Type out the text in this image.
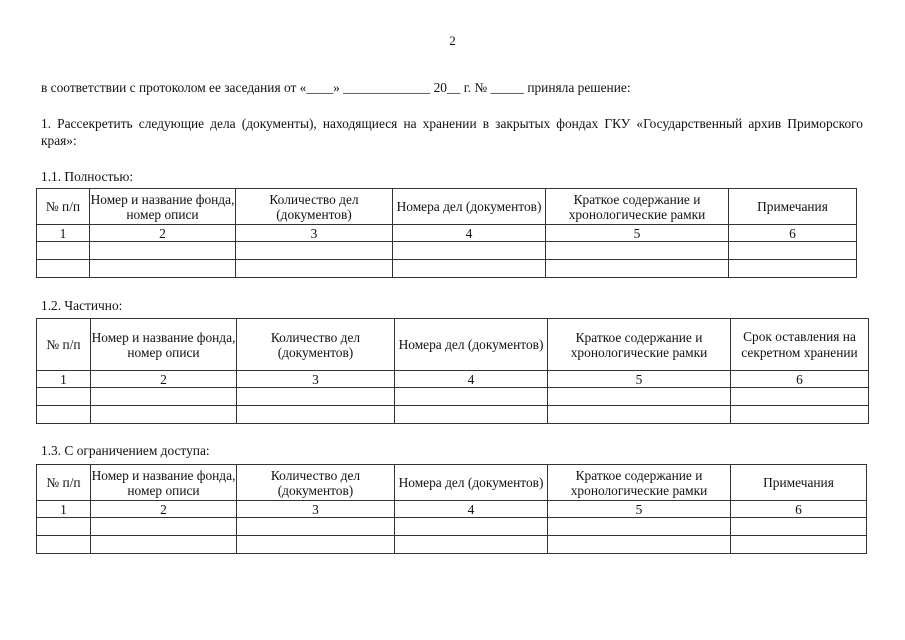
2
в соответствии с протоколом ее заседания от «____» _____________ 20__ г. № _____ приняла решение:
1. Рассекретить следующие дела (документы), находящиеся на хранении в закрытых фондах ГКУ «Государственный архив Приморского края»:
1.1. Полностью:
№ п/п	Номер и название фонда, номер описи	Количество дел (документов)	Номера дел (документов)	Краткое содержание и хронологические рамки	Примечания
1	2	3	4	5	6

1.2. Частично:
№ п/п	Номер и название фонда, номер описи	Количество дел (документов)	Номера дел (документов)	Краткое содержание и хронологические рамки	Срок оставления на секретном хранении
1	2	3	4	5	6

1.3. С ограничением доступа:
№ п/п	Номер и название фонда, номер описи	Количество дел (документов)	Номера дел (документов)	Краткое содержание и хронологические рамки	Примечания
1	2	3	4	5	6
